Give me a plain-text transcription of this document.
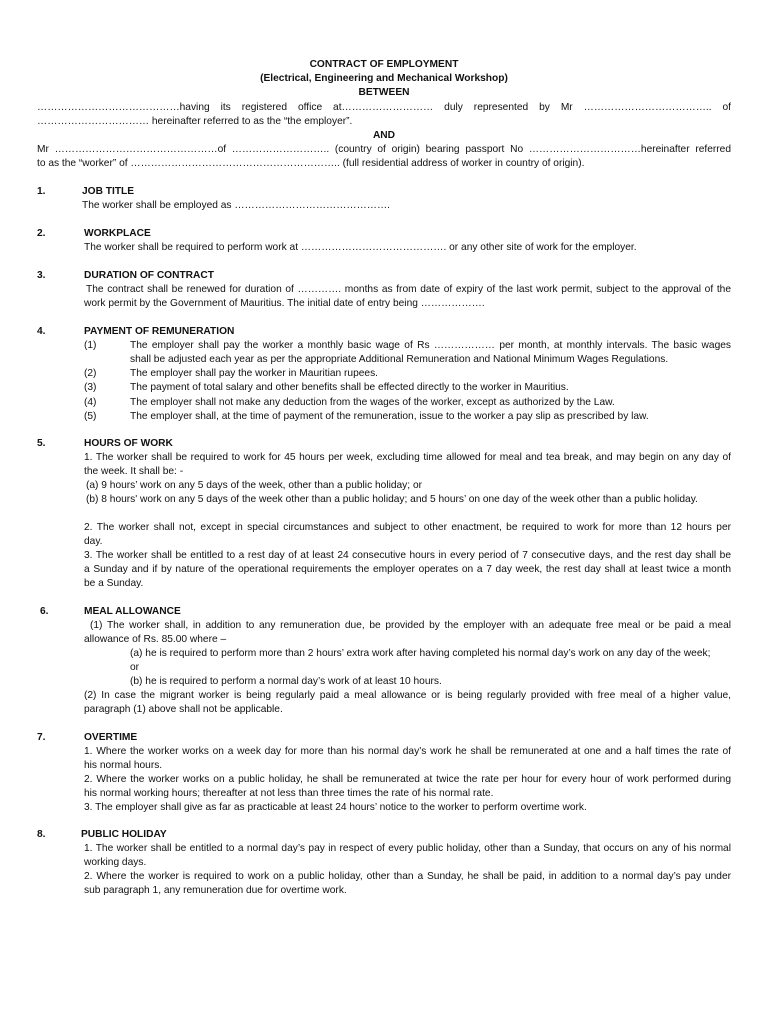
CONTRACT OF EMPLOYMENT
(Electrical, Engineering and Mechanical Workshop)
BETWEEN
……………………………………having its registered office at……………………… duly represented by Mr ……………………………….. of
…………………………… hereinafter referred to as the “the employer”.
AND
Mr …………………………………………of ……………………….. (country of origin) bearing passport No ……………………………hereinafter referred
to as the “worker” of …………………………………………………….. (full residential address of worker in country of origin).
1.	JOB TITLE
The worker shall be employed as ……………………………………….
2.	WORKPLACE
The worker shall be required to perform work at ……………………………………. or any other site of work for the employer.
3.	DURATION OF CONTRACT
The contract shall be renewed for duration of …………. months as from date of expiry of the last work permit, subject to the approval of the
work permit by the Government of Mauritius. The initial date of entry being ……………….
4.	PAYMENT OF REMUNERATION
(1)	The employer shall pay the worker a monthly basic wage of Rs ……………… per month, at monthly intervals. The basic wages
shall be adjusted each year as per the appropriate Additional Remuneration and National Minimum Wages Regulations.
(2)	The employer shall pay the worker in Mauritian rupees.
(3)	The payment of total salary and other benefits shall be effected directly to the worker in Mauritius.
(4)	The employer shall not make any deduction from the wages of the worker, except as authorized by the Law.
(5)	The employer shall, at the time of payment of the remuneration, issue to the worker a pay slip as prescribed by law.
5.	HOURS OF WORK
1. The worker shall be required to work for 45 hours per week, excluding time allowed for meal and tea break, and may begin on any day of
the week. It shall be: -
(a) 9 hours’ work on any 5 days of the week, other than a public holiday; or
(b) 8 hours' work on any 5 days of the week other than a public holiday; and 5 hours’ on one day of the week other than a public holiday.
2. The worker shall not, except in special circumstances and subject to other enactment, be required to work for more than 12 hours per
day.
3. The worker shall be entitled to a rest day of at least 24 consecutive hours in every period of 7 consecutive days, and the rest day shall be
a Sunday and if by nature of the operational requirements the employer operates on a 7 day week, the rest day shall at least twice a month
be a Sunday.
6.	MEAL ALLOWANCE
(1) The worker shall, in addition to any remuneration due, be provided by the employer with an adequate free meal or be paid a meal
allowance of Rs. 85.00 where –
(a) he is required to perform more than 2 hours’ extra work after having completed his normal day’s work on any day of the week;
or
(b) he is required to perform a normal day’s work of at least 10 hours.
(2) In case the migrant worker is being regularly paid a meal allowance or is being regularly provided with free meal of a higher value,
paragraph (1) above shall not be applicable.
7.	OVERTIME
1. Where the worker works on a week day for more than his normal day’s work he shall be remunerated at one and a half times the rate of
his normal hours.
2. Where the worker works on a public holiday, he shall be remunerated at twice the rate per hour for every hour of work performed during
his normal working hours; thereafter at not less than three times the rate of his normal rate.
3. The employer shall give as far as practicable at least 24 hours’ notice to the worker to perform overtime work.
8.	PUBLIC HOLIDAY
1. The worker shall be entitled to a normal day’s pay in respect of every public holiday, other than a Sunday, that occurs on any of his normal
working days.
2. Where the worker is required to work on a public holiday, other than a Sunday, he shall be paid, in addition to a normal day’s pay under
sub paragraph 1, any remuneration due for overtime work.
